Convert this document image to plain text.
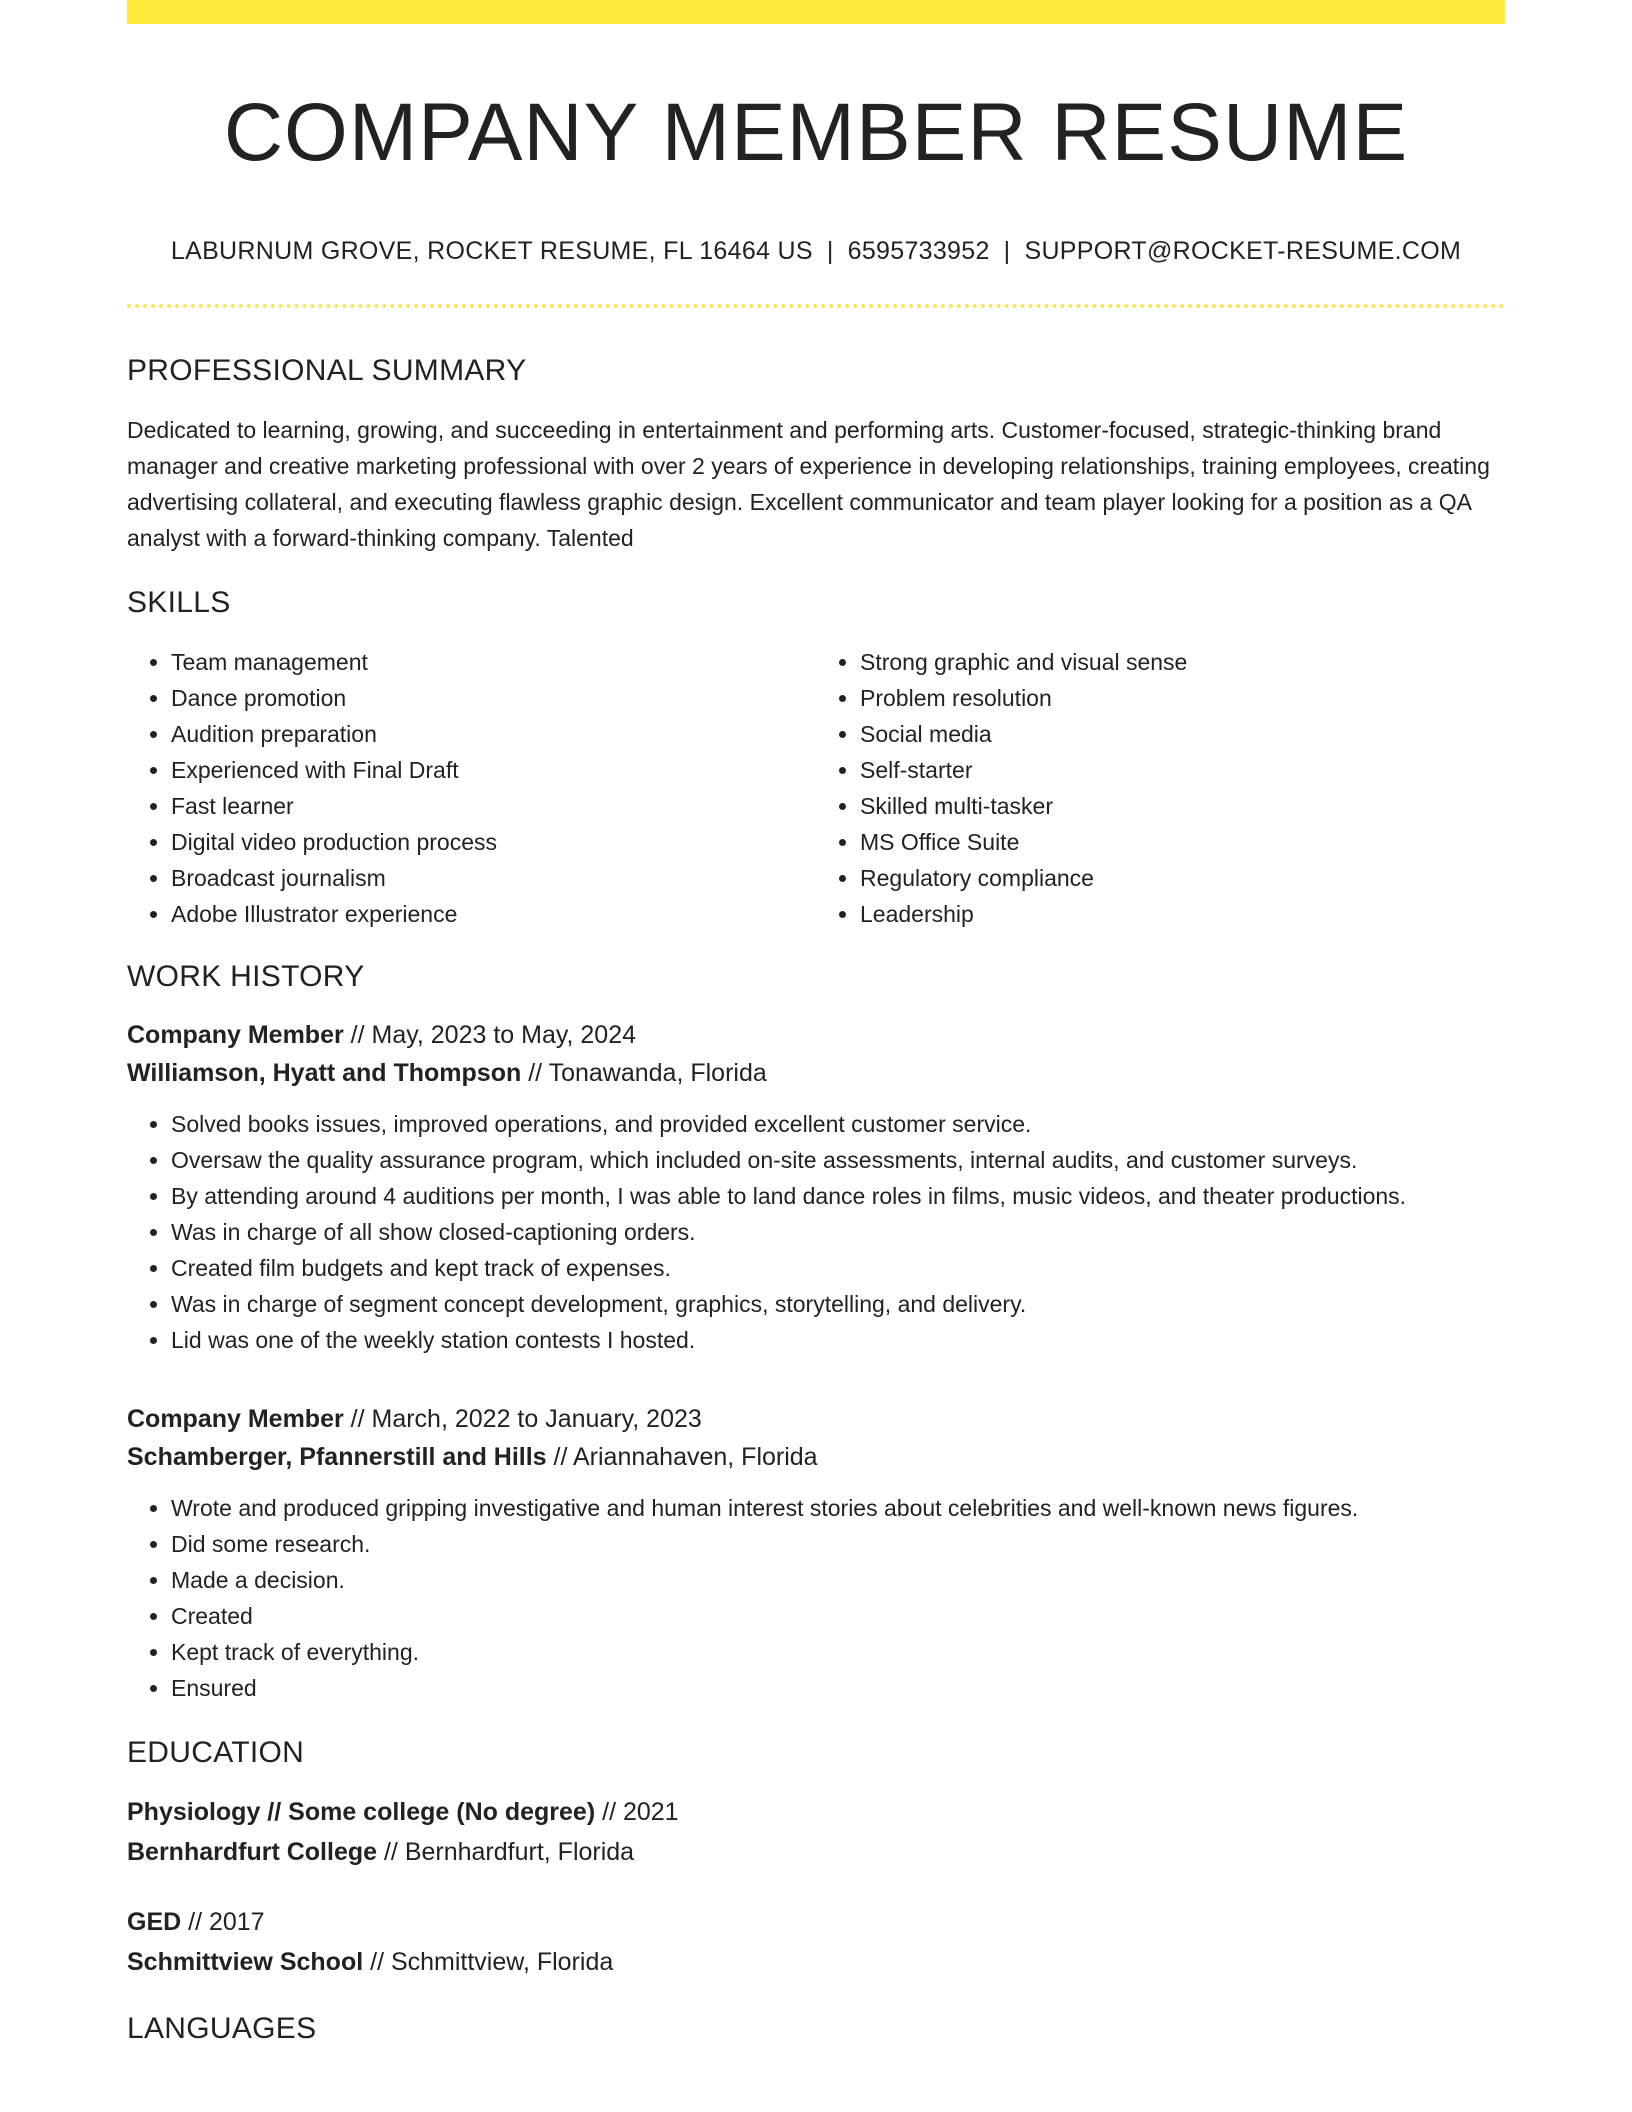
COMPANY MEMBER RESUME
LABURNUM GROVE, ROCKET RESUME, FL 16464 US | 6595733952 | SUPPORT@ROCKET-RESUME.COM
PROFESSIONAL SUMMARY

Dedicated to learning, growing, and succeeding in entertainment and performing arts. Customer-focused, strategic-thinking brand manager and creative marketing professional with over 2 years of experience in developing relationships, training employees, creating advertising collateral, and executing flawless graphic design. Excellent communicator and team player looking for a position as a QA analyst with a forward-thinking company. Talented

SKILLS
• Team management
• Dance promotion
• Audition preparation
• Experienced with Final Draft
• Fast learner
• Digital video production process
• Broadcast journalism
• Adobe Illustrator experience
• Strong graphic and visual sense
• Problem resolution
• Social media
• Self-starter
• Skilled multi-tasker
• MS Office Suite
• Regulatory compliance
• Leadership
WORK HISTORY
Company Member // May, 2023 to May, 2024
Williamson, Hyatt and Thompson // Tonawanda, Florida
• Solved books issues, improved operations, and provided excellent customer service.
• Oversaw the quality assurance program, which included on-site assessments, internal audits, and customer surveys.
• By attending around 4 auditions per month, I was able to land dance roles in films, music videos, and theater productions.
• Was in charge of all show closed-captioning orders.
• Created film budgets and kept track of expenses.
• Was in charge of segment concept development, graphics, storytelling, and delivery.
• Lid was one of the weekly station contests I hosted.
Company Member // March, 2022 to January, 2023
Schamberger, Pfannerstill and Hills // Ariannahaven, Florida
• Wrote and produced gripping investigative and human interest stories about celebrities and well-known news figures.
• Did some research.
• Made a decision.
• Created
• Kept track of everything.
• Ensured
EDUCATION
Physiology // Some college (No degree) // 2021
Bernhardfurt College // Bernhardfurt, Florida
GED // 2017
Schmittview School // Schmittview, Florida
LANGUAGES
